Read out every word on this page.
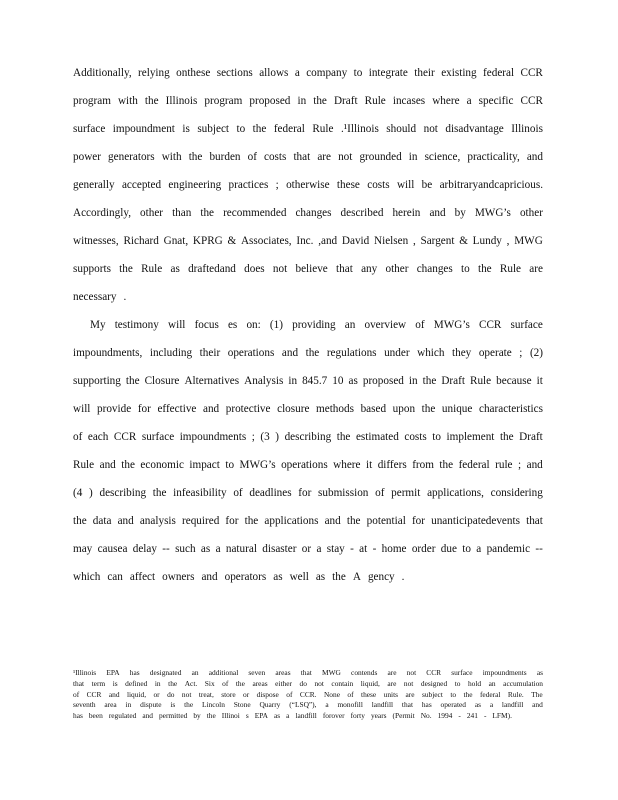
Additionally, relying onthese sections allows a company to integrate their existing federal CCR
program with the Illinois program proposed in the Draft Rule incases where a specific CCR
surface impoundment is subject to the federal Rule .¹Illinois should not disadvantage Illinois
power generators with the burden of costs that are not grounded in science, practicality, and
generally accepted engineering practices ; otherwise these costs will be arbitraryandcapricious.
Accordingly, other than the recommended changes described herein and by MWG’s other
witnesses, Richard Gnat, KPRG & Associates, Inc. ,and David Nielsen , Sargent & Lundy , MWG
supports the Rule as draftedand does not believe that any other changes to the Rule are
necessary .
My testimony will focus es on: (1) providing an overview of MWG’s CCR surface
impoundments, including their operations and the regulations under which they operate ; (2)
supporting the Closure Alternatives Analysis in 845.7 10 as proposed in the Draft Rule because it
will provide for effective and protective closure methods based upon the unique characteristics
of each CCR surface impoundments ; (3 ) describing the estimated costs to implement the Draft
Rule and the economic impact to MWG’s operations where it differs from the federal rule ; and
(4 ) describing the infeasibility of deadlines for submission of permit applications, considering
the data and analysis required for the applications and the potential for unanticipatedevents that
may causea delay -- such as a natural disaster or a stay - at - home order due to a pandemic --
which can affect owners and operators as well as the A gency .
¹Illinois EPA has designated an additional seven areas that MWG contends are not CCR surface impoundments as
that term is defined in the Act. Six of the areas either do not contain liquid, are not designed to hold an accumulation
of CCR and liquid, or do not treat, store or dispose of CCR. None of these units are subject to the federal Rule. The
seventh area in dispute is the Lincoln Stone Quarry (“LSQ”), a monofill landfill that has operated as a landfill and
has been regulated and permitted by the Illinoi s EPA as a landfill forover forty years (Permit No. 1994 - 241 - LFM).
